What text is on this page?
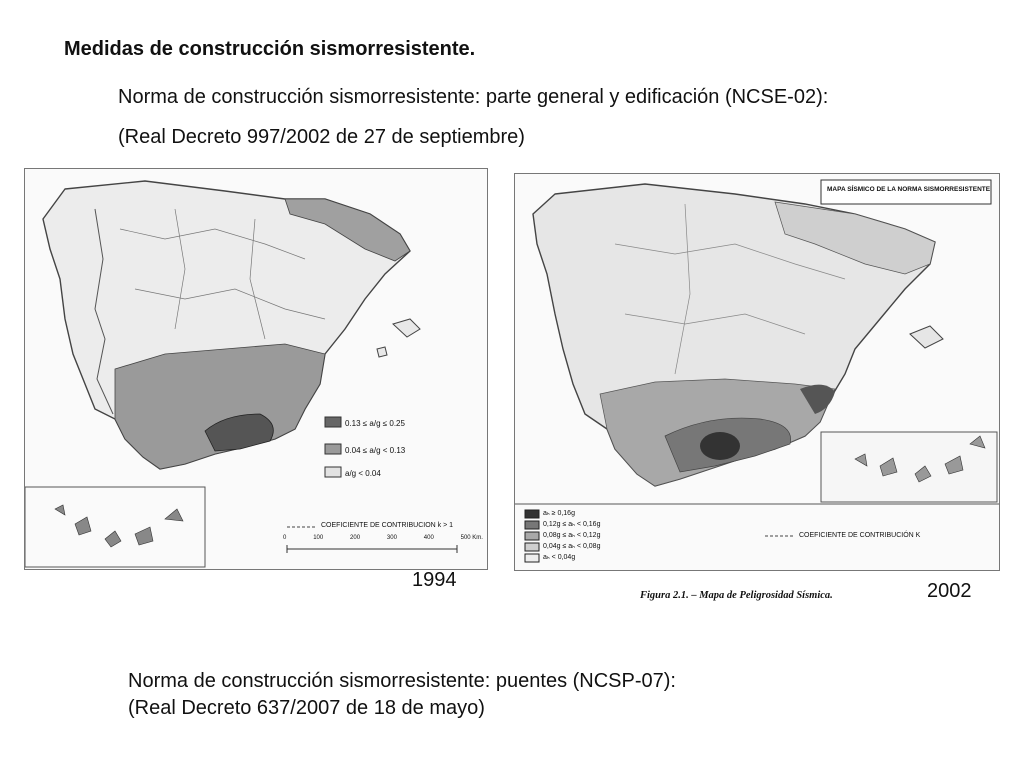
Medidas de construcción sismorresistente.
Norma de construcción sismorresistente: parte general y edificación (NCSE-02):
(Real Decreto 997/2002 de 27 de septiembre)
0.13 ≤ a/g ≤ 0.25
0.04 ≤ a/g < 0.13
a/g < 0.04
COEFICIENTE DE CONTRIBUCION k > 1
0	100	200	300	400	500 Km.
1994
MAPA SÍSMICO DE LA NORMA SISMORRESISTENTE
aₕ ≥ 0,16g
0,12g ≤ aₕ < 0,16g
0,08g ≤ aₕ < 0,12g
0,04g ≤ aₕ < 0,08g
aₕ < 0,04g
COEFICIENTE DE CONTRIBUCIÓN K
Figura 2.1. – Mapa de Peligrosidad Sísmica.	2002
Norma de construcción sismorresistente: puentes (NCSP-07):
(Real Decreto 637/2007 de 18 de mayo)
